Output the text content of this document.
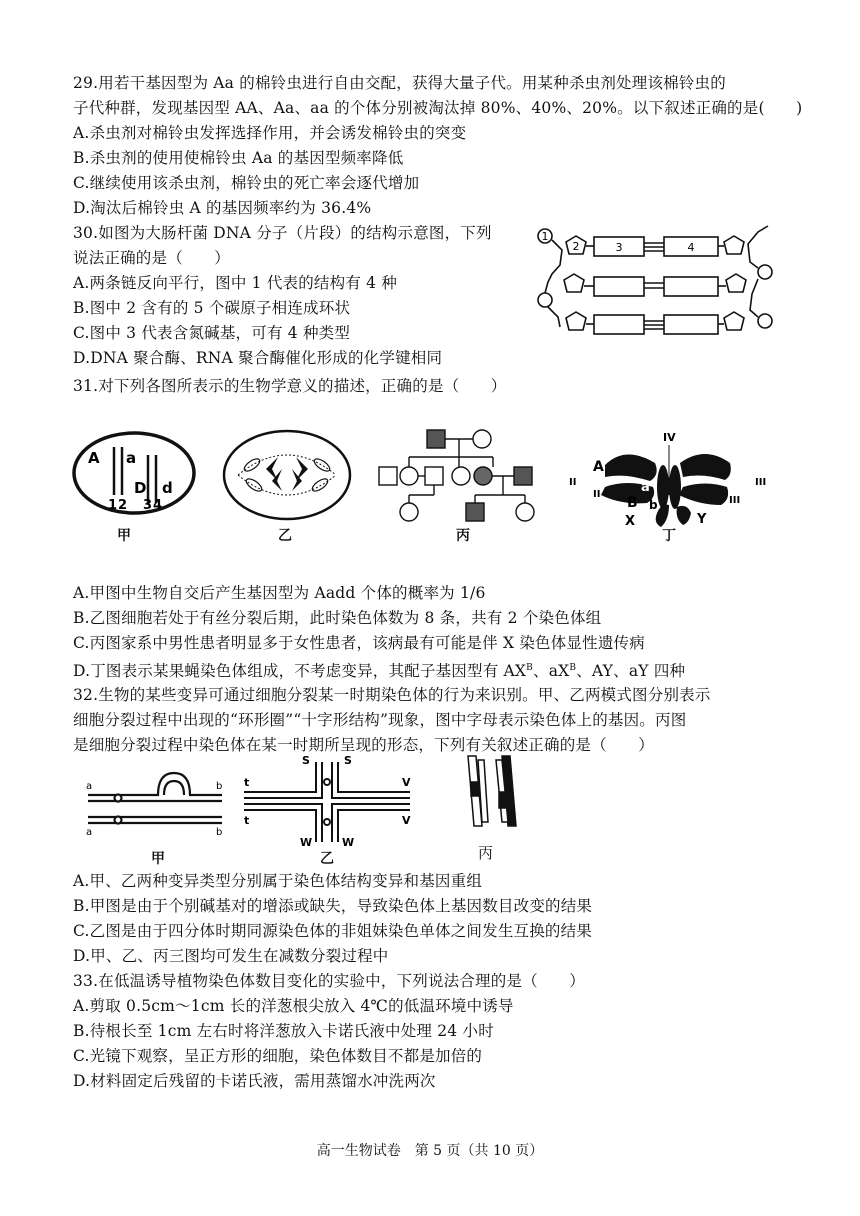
29.用若干基因型为 Aa 的棉铃虫进行自由交配，获得大量子代。用某种杀虫剂处理该棉铃虫的
子代种群，发现基因型 AA、Aa、aa 的个体分别被淘汰掉 80%、40%、20%。以下叙述正确的是(　　)
A.杀虫剂对棉铃虫发挥选择作用，并会诱发棉铃虫的突变
B.杀虫剂的使用使棉铃虫 Aa 的基因型频率降低
C.继续使用该杀虫剂，棉铃虫的死亡率会逐代增加
D.淘汰后棉铃虫 A 的基因频率约为 36.4%
30.如图为大肠杆菌 DNA 分子（片段）的结构示意图，下列
说法正确的是（　　）
A.两条链反向平行，图中 1 代表的结构有 4 种
B.图中 2 含有的 5 个碳原子相连成环状
C.图中 3 代表含氮碱基，可有 4 种类型
D.DNA 聚合酶、RNA 聚合酶催化形成的化学键相同
1
2	3	4
31.对下列各图所表示的生物学意义的描述，正确的是（　　）
A a
1 2
D d
3 4
甲	乙	丙
IV
A
II
II	a
B b
III
III
X	Y
丁
A.甲图中生物自交后产生基因型为 Aadd 个体的概率为 1/6
B.乙图细胞若处于有丝分裂后期，此时染色体数为 8 条，共有 2 个染色体组
C.丙图家系中男性患者明显多于女性患者，该病最有可能是伴 X 染色体显性遗传病
D.丁图表示某果蝇染色体组成，不考虑变异，其配子基因型有 $AX^B$、$aX^B$、AY、aY 四种
32.生物的某些变异可通过细胞分裂某一时期染色体的行为来识别。甲、乙两模式图分别表示
细胞分裂过程中出现的“环形圈”“十字形结构”现象，图中字母表示染色体上的基因。丙图
是细胞分裂过程中染色体在某一时期所呈现的形态，下列有关叙述正确的是（　　）
a	b
a	b
甲
S	S
t
t
V
V
W	W
乙	丙
A.甲、乙两种变异类型分别属于染色体结构变异和基因重组
B.甲图是由于个别碱基对的增添或缺失，导致染色体上基因数目改变的结果
C.乙图是由于四分体时期同源染色体的非姐妹染色单体之间发生互换的结果
D.甲、乙、丙三图均可发生在减数分裂过程中
33.在低温诱导植物染色体数目变化的实验中，下列说法合理的是（　　）
A.剪取 0.5cm～1cm 长的洋葱根尖放入 4℃的低温环境中诱导
B.待根长至 1cm 左右时将洋葱放入卡诺氏液中处理 24 小时
C.光镜下观察，呈正方形的细胞，染色体数目不都是加倍的
D.材料固定后残留的卡诺氏液，需用蒸馏水冲洗两次
高一生物试卷　第 5 页（共 10 页）
